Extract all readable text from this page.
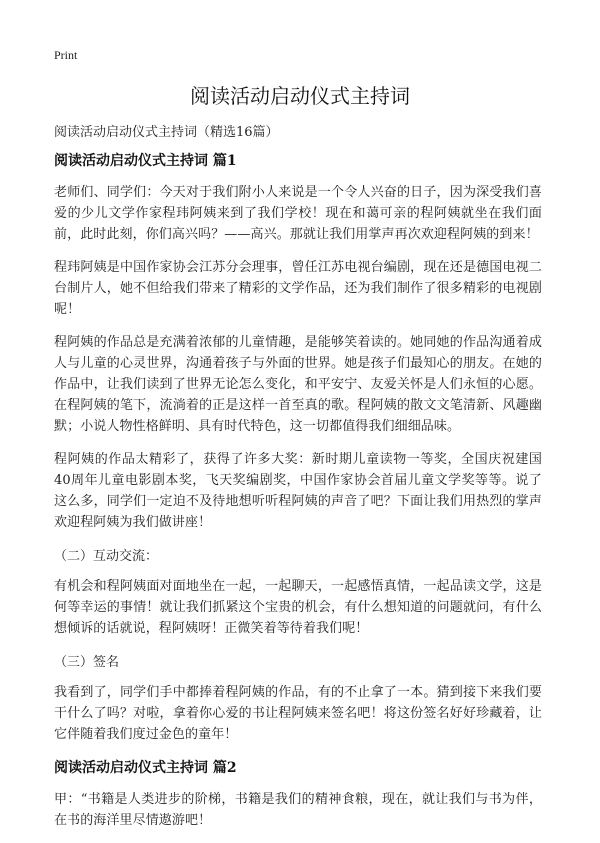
Print
阅读活动启动仪式主持词

阅读活动启动仪式主持词（精选16篇）

阅读活动启动仪式主持词 篇1

老师们、同学们：今天对于我们附小人来说是一个令人兴奋的日子，因为深受我们喜爱的少儿文学作家程玮阿姨来到了我们学校！现在和蔼可亲的程阿姨就坐在我们面前，此时此刻，你们高兴吗？——高兴。那就让我们用掌声再次欢迎程阿姨的到来！

程玮阿姨是中国作家协会江苏分会理事，曾任江苏电视台编剧，现在还是德国电视二台制片人，她不但给我们带来了精彩的文学作品，还为我们制作了很多精彩的电视剧呢！

程阿姨的作品总是充满着浓郁的儿童情趣，是能够笑着读的。她同她的作品沟通着成人与儿童的心灵世界，沟通着孩子与外面的世界。她是孩子们最知心的朋友。在她的作品中，让我们读到了世界无论怎么变化，和平安宁、友爱关怀是人们永恒的心愿。在程阿姨的笔下，流淌着的正是这样一首至真的歌。程阿姨的散文文笔清新、风趣幽默；小说人物性格鲜明、具有时代特色，这一切都值得我们细细品味。

程阿姨的作品太精彩了，获得了许多大奖：新时期儿童读物一等奖，全国庆祝建国40周年儿童电影剧本奖，飞天奖编剧奖，中国作家协会首届儿童文学奖等等。说了这么多，同学们一定迫不及待地想听听程阿姨的声音了吧？下面让我们用热烈的掌声欢迎程阿姨为我们做讲座！

（二）互动交流：

有机会和程阿姨面对面地坐在一起，一起聊天，一起感悟真情，一起品读文学，这是何等幸运的事情！就让我们抓紧这个宝贵的机会，有什么想知道的问题就问，有什么想倾诉的话就说，程阿姨呀！正微笑着等待着我们呢！

（三）签名

我看到了，同学们手中都捧着程阿姨的作品，有的不止拿了一本。猜到接下来我们要干什么了吗？对啦，拿着你心爱的书让程阿姨来签名吧！将这份签名好好珍藏着，让它伴随着我们度过金色的童年！

阅读活动启动仪式主持词 篇2

甲：“书籍是人类进步的阶梯，书籍是我们的精神食粮，现在，就让我们与书为伴，在书的海洋里尽情遨游吧！
